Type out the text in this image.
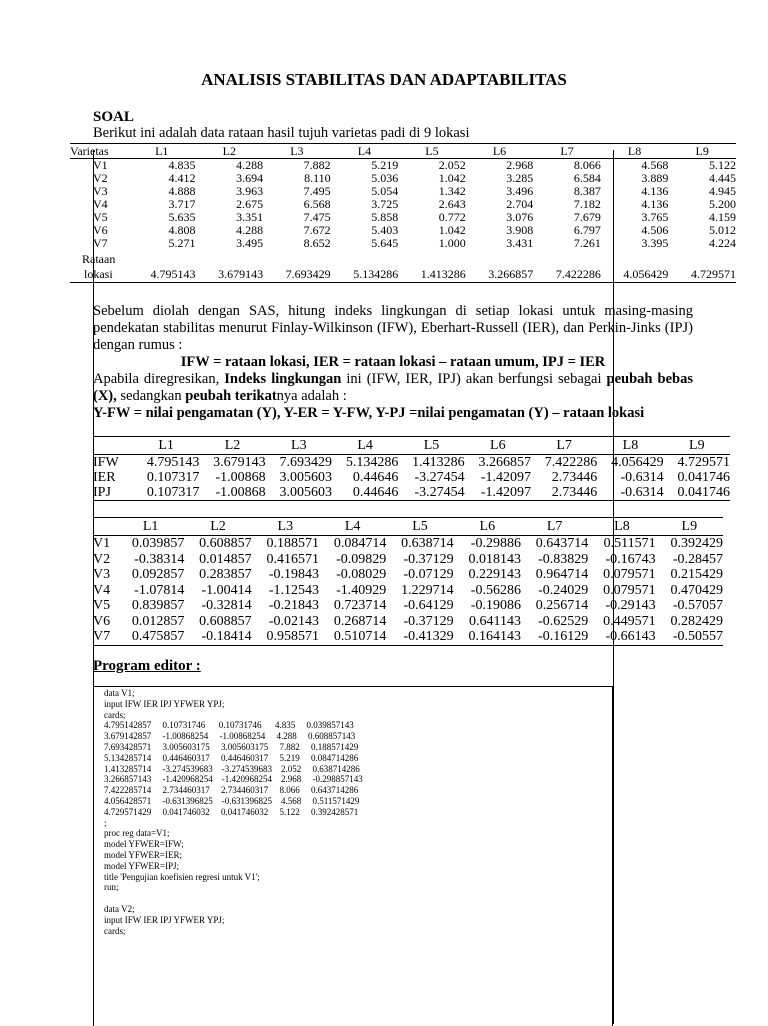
ANALISIS STABILITAS DAN ADAPTABILITAS
SOAL
Berikut ini adalah data rataan hasil tujuh varietas padi di 9 lokasi
Varietas	L1	L2	L3	L4	L5	L6	L7	L8	L9
V1	4.835	4.288	7.882	5.219	2.052	2.968	8.066	4.568	5.122
V2	4.412	3.694	8.110	5.036	1.042	3.285	6.584	3.889	4.445
V3	4.888	3.963	7.495	5.054	1.342	3.496	8.387	4.136	4.945
V4	3.717	2.675	6.568	3.725	2.643	2.704	7.182	4.136	5.200
V5	5.635	3.351	7.475	5.858	0.772	3.076	7.679	3.765	4.159
V6	4.808	4.288	7.672	5.403	1.042	3.908	6.797	4.506	5.012
V7	5.271	3.495	8.652	5.645	1.000	3.431	7.261	3.395	4.224
Rataan									
lokasi	4.795143	3.679143	7.693429	5.134286	1.413286	3.266857	7.422286	4.056429	4.729571

Sebelum diolah dengan SAS, hitung indeks lingkungan di setiap lokasi untuk masing-masing pendekatan stabilitas menurut Finlay-Wilkinson (IFW), Eberhart-Russell (IER), dan Perkin-Jinks (IPJ) dengan rumus :

IFW = rataan lokasi, IER = rataan lokasi – rataan umum, IPJ = IER

Apabila diregresikan, Indeks lingkungan ini (IFW, IER, IPJ) akan berfungsi sebagai peubah bebas (X), sedangkan peubah terikatnya adalah :

Y-FW = nilai pengamatan (Y), Y-ER = Y-FW, Y-PJ =nilai pengamatan (Y) – rataan lokasi

	L1	L2	L3	L4	L5	L6	L7	L8	L9
IFW	4.795143	3.679143	7.693429	5.134286	1.413286	3.266857	7.422286	4.056429	4.729571
IER	0.107317	-1.00868	3.005603	0.44646	-3.27454	-1.42097	2.73446	-0.6314	0.041746
IPJ	0.107317	-1.00868	3.005603	0.44646	-3.27454	-1.42097	2.73446	-0.6314	0.041746
	L1	L2	L3	L4	L5	L6	L7	L8	L9
V1	0.039857	0.608857	0.188571	0.084714	0.638714	-0.29886	0.643714	0.511571	0.392429
V2	-0.38314	0.014857	0.416571	-0.09829	-0.37129	0.018143	-0.83829	-0.16743	-0.28457
V3	0.092857	0.283857	-0.19843	-0.08029	-0.07129	0.229143	0.964714	0.079571	0.215429
V4	-1.07814	-1.00414	-1.12543	-1.40929	1.229714	-0.56286	-0.24029	0.079571	0.470429
V5	0.839857	-0.32814	-0.21843	0.723714	-0.64129	-0.19086	0.256714	-0.29143	-0.57057
V6	0.012857	0.608857	-0.02143	0.268714	-0.37129	0.641143	-0.62529	0.449571	0.282429
V7	0.475857	-0.18414	0.958571	0.510714	-0.41329	0.164143	-0.16129	-0.66143	-0.50557
Program editor :
data V1;
input IFW IER IPJ YFWER YPJ;
cards;
4.795142857     0.10731746      0.10731746      4.835     0.039857143
3.679142857     -1.00868254     -1.00868254     4.288     0.608857143
7.693428571     3.005603175     3.005603175     7.882     0.188571429
5.134285714     0.446460317     0.446460317     5.219     0.084714286
1.413285714     -3.274539683    -3.274539683    2.052     0.638714286
3.266857143     -1.420968254    -1.420968254    2.968     -0.298857143
7.422285714     2.734460317     2.734460317     8.066     0.643714286
4.056428571     -0.631396825    -0.631396825    4.568     0.511571429
4.729571429     0.041746032     0.041746032     5.122     0.392428571
;
proc reg data=V1;
model YFWER=IFW;
model YFWER=IER;
model YFWER=IPJ;
title 'Pengujian koefisien regresi untuk V1';
run;

data V2;
input IFW IER IPJ YFWER YPJ;
cards;
